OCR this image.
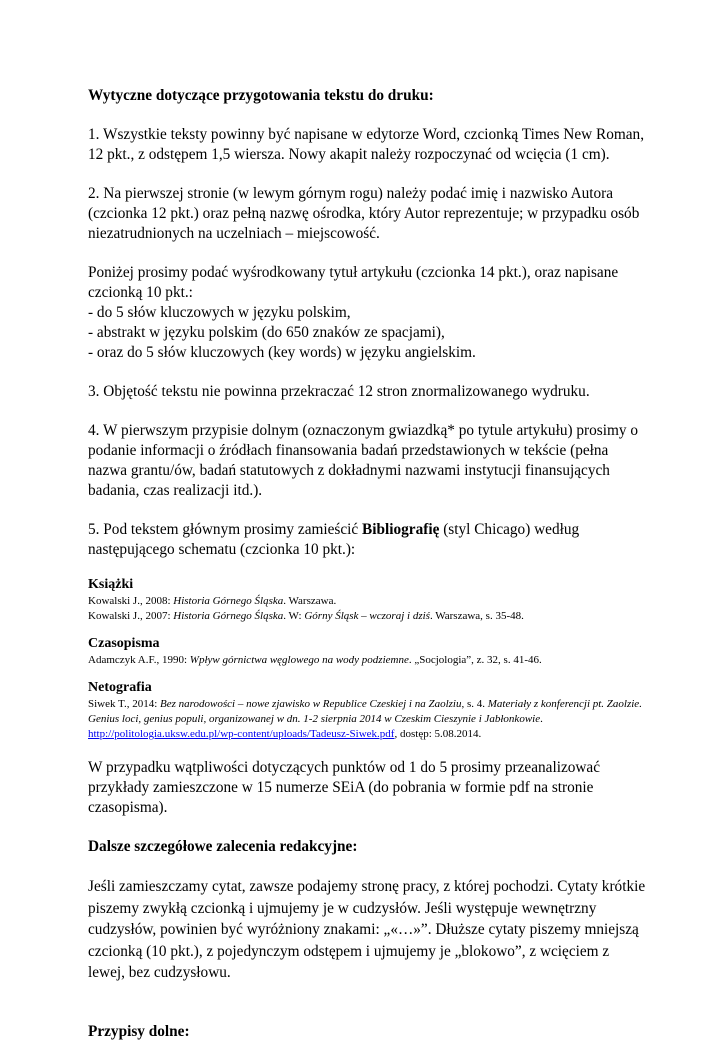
Wytyczne dotyczące przygotowania tekstu do druku:

1. Wszystkie teksty powinny być napisane w edytorze Word, czcionką Times New Roman, 12 pkt., z odstępem 1,5 wiersza. Nowy akapit należy rozpoczynać od wcięcia (1 cm).

2. Na pierwszej stronie (w lewym górnym rogu) należy podać imię i nazwisko Autora (czcionka 12 pkt.) oraz pełną nazwę ośrodka, który Autor reprezentuje; w przypadku osób niezatrudnionych na uczelniach – miejscowość.

Poniżej prosimy podać wyśrodkowany tytuł artykułu (czcionka 14 pkt.), oraz napisane czcionką 10 pkt.:

- do 5 słów kluczowych w języku polskim,

- abstrakt w języku polskim (do 650 znaków ze spacjami),

- oraz do 5 słów kluczowych (key words) w języku angielskim.

3. Objętość tekstu nie powinna przekraczać 12 stron znormalizowanego wydruku.

4. W pierwszym przypisie dolnym (oznaczonym gwiazdką* po tytule artykułu) prosimy o podanie informacji o źródłach finansowania badań przedstawionych w tekście (pełna nazwa grantu/ów, badań statutowych z dokładnymi nazwami instytucji finansujących badania, czas realizacji itd.).

5. Pod tekstem głównym prosimy zamieścić Bibliografię (styl Chicago) według następującego schematu (czcionka 10 pkt.):

Książki

Kowalski J., 2008: Historia Górnego Śląska. Warszawa.

Kowalski J., 2007: Historia Górnego Śląska. W: Górny Śląsk – wczoraj i dziś. Warszawa, s. 35-48.

Czasopisma

Adamczyk A.F., 1990: Wpływ górnictwa węglowego na wody podziemne. „Socjologia”, z. 32, s. 41-46.

Netografia

Siwek T., 2014: Bez narodowości – nowe zjawisko w Republice Czeskiej i na Zaolziu, s. 4. Materiały z konferencji pt. Zaolzie. Genius loci, genius populi, organizowanej w dn. 1-2 sierpnia 2014 w Czeskim Cieszynie i Jabłonkowie. http://politologia.uksw.edu.pl/wp-content/uploads/Tadeusz-Siwek.pdf, dostęp: 5.08.2014.

W przypadku wątpliwości dotyczących punktów od 1 do 5 prosimy przeanalizować przykłady zamieszczone w 15 numerze SEiA (do pobrania w formie pdf na stronie czasopisma).

Dalsze szczegółowe zalecenia redakcyjne:

Jeśli zamieszczamy cytat, zawsze podajemy stronę pracy, z której pochodzi. Cytaty krótkie piszemy zwykłą czcionką i ujmujemy je w cudzysłów. Jeśli występuje wewnętrzny cudzysłów, powinien być wyróżniony znakami: „«…»”. Dłuższe cytaty piszemy mniejszą czcionką (10 pkt.), z pojedynczym odstępem i ujmujemy je „blokowo”, z wcięciem z lewej, bez cudzysłowu.

Przypisy dolne:
